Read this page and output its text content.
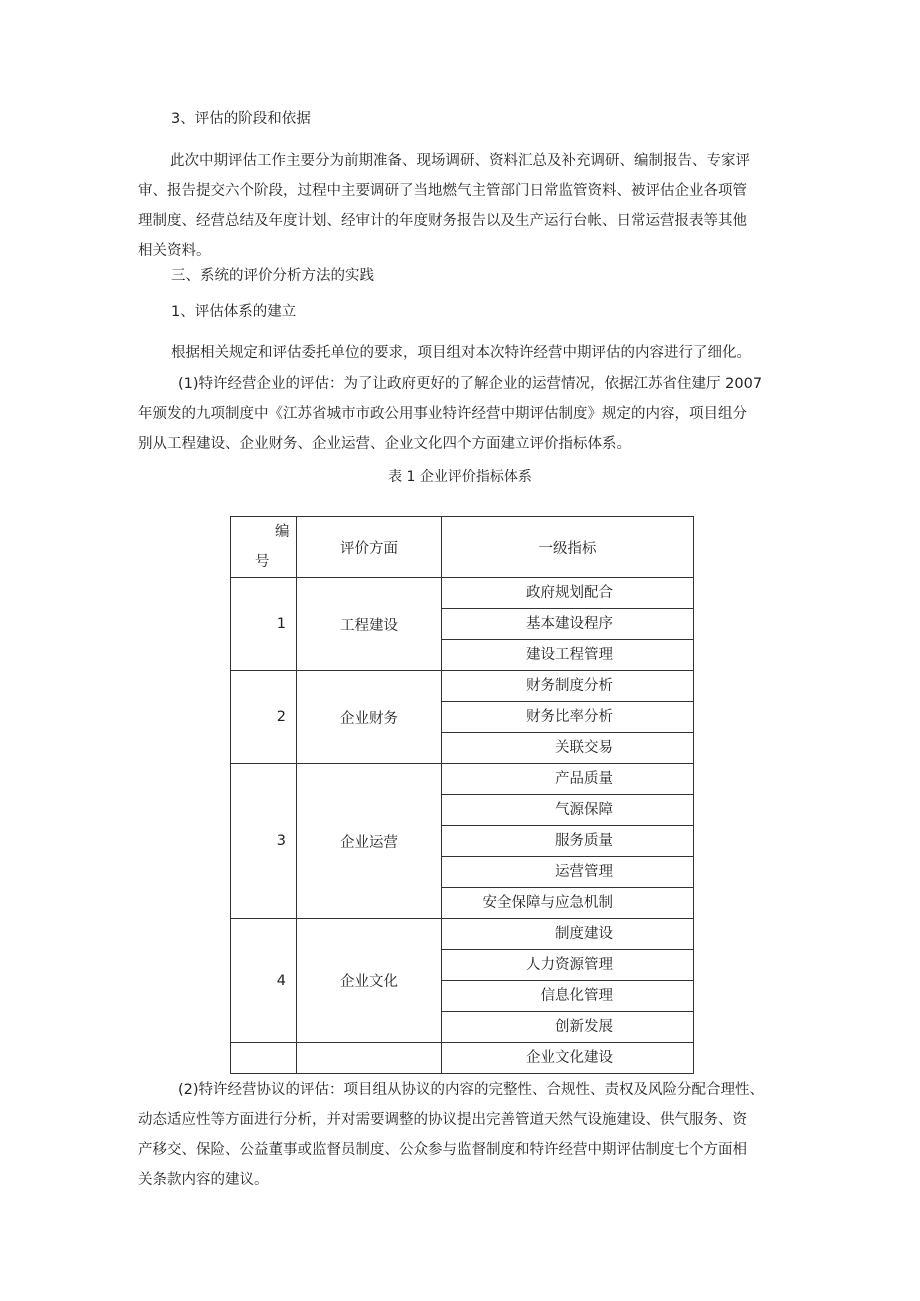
3、评估的阶段和依据
此次中期评估工作主要分为前期准备、现场调研、资料汇总及补充调研、编制报告、专家评
审、报告提交六个阶段，过程中主要调研了当地燃气主管部门日常监管资料、被评估企业各项管
理制度、经营总结及年度计划、经审计的年度财务报告以及生产运行台帐、日常运营报表等其他
相关资料。
三、系统的评价分析方法的实践
1、评估体系的建立
根据相关规定和评估委托单位的要求，项目组对本次特许经营中期评估的内容进行了细化。
(1)特许经营企业的评估：为了让政府更好的了解企业的运营情况，依据江苏省住建厅 2007
年颁发的九项制度中《江苏省城市市政公用事业特许经营中期评估制度》规定的内容，项目组分
别从工程建设、企业财务、企业运营、企业文化四个方面建立评价指标体系。
表 1 企业评价指标体系
编
号	评价方面	一级指标
1	工程建设	政府规划配合
		基本建设程序
		建设工程管理
2	企业财务	财务制度分析
		财务比率分析
		关联交易
3	企业运营	产品质量
		气源保障
		服务质量
		运营管理
		安全保障与应急机制
4	企业文化	制度建设
		人力资源管理
		信息化管理
		创新发展
		企业文化建设
(2)特许经营协议的评估：项目组从协议的内容的完整性、合规性、责权及风险分配合理性、
动态适应性等方面进行分析，并对需要调整的协议提出完善管道天然气设施建设、供气服务、资
产移交、保险、公益董事或监督员制度、公众参与监督制度和特许经营中期评估制度七个方面相
关条款内容的建议。
